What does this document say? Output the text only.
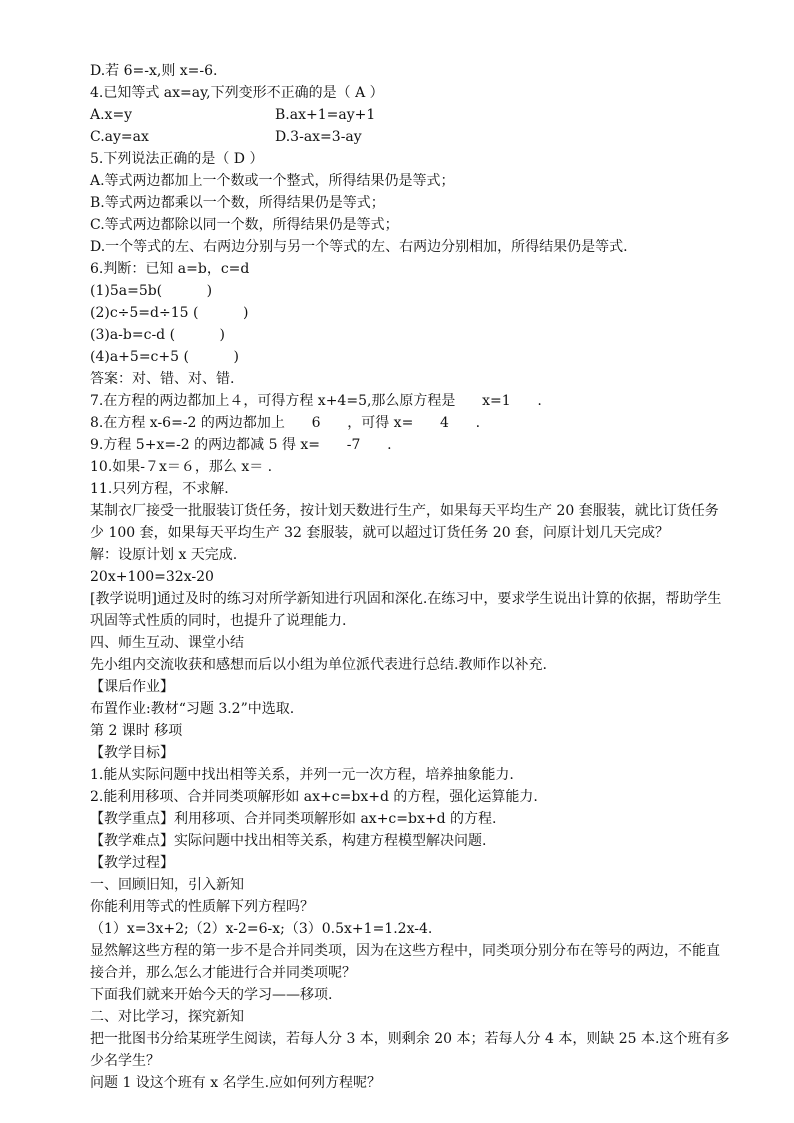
D.若 6=-x,则 x=-6.
4.已知等式 ax=ay,下列变形不正确的是（ A ）
A.x=y	B.ax+1=ay+1
C.ay=ax	D.3-ax=3-ay
5.下列说法正确的是（ D ）
A.等式两边都加上一个数或一个整式，所得结果仍是等式；
B.等式两边都乘以一个数，所得结果仍是等式；
C.等式两边都除以同一个数，所得结果仍是等式；
D.一个等式的左、右两边分别与另一个等式的左、右两边分别相加，所得结果仍是等式.
6.判断：已知 a=b，c=d
(1)5a=5b(          )
(2)c÷5=d÷15 (          )
(3)a-b=c-d (          )
(4)a+5=c+5 (          )
答案：对、错、对、错.
7.在方程的两边都加上４，可得方程 x+4=5,那么原方程是      x=1      .
8.在方程 x-6=-2 的两边都加上      6      ，可得 x=      4      .
9.方程 5+x=-2 的两边都减 5 得 x=      -7      .
10.如果-７x＝６，那么 x＝ .
11.只列方程，不求解.
某制衣厂接受一批服装订货任务，按计划天数进行生产，如果每天平均生产 20 套服装，就比订货任务少 100 套，如果每天平均生产 32 套服装，就可以超过订货任务 20 套，问原计划几天完成？
解：设原计划 x 天完成.
20x+100=32x-20
[教学说明]通过及时的练习对所学新知进行巩固和深化.在练习中，要求学生说出计算的依据，帮助学生巩固等式性质的同时，也提升了说理能力.
四、师生互动、课堂小结
先小组内交流收获和感想而后以小组为单位派代表进行总结.教师作以补充.
【课后作业】
布置作业:教材“习题 3.2”中选取.
第 2 课时 移项
【教学目标】
1.能从实际问题中找出相等关系，并列一元一次方程，培养抽象能力.
2.能利用移项、合并同类项解形如 ax+c=bx+d 的方程，强化运算能力.
【教学重点】利用移项、合并同类项解形如 ax+c=bx+d 的方程.
【教学难点】实际问题中找出相等关系，构建方程模型解决问题.
【教学过程】
一、回顾旧知，引入新知
你能利用等式的性质解下列方程吗？
（1）x=3x+2;（2）x-2=6-x;（3）0.5x+1=1.2x-4.
显然解这些方程的第一步不是合并同类项，因为在这些方程中，同类项分别分布在等号的两边，不能直接合并，那么怎么才能进行合并同类项呢？
下面我们就来开始今天的学习——移项.
二、对比学习，探究新知
把一批图书分给某班学生阅读，若每人分 3 本，则剩余 20 本；若每人分 4 本，则缺 25 本.这个班有多少名学生？
问题 1 设这个班有 x 名学生.应如何列方程呢？
